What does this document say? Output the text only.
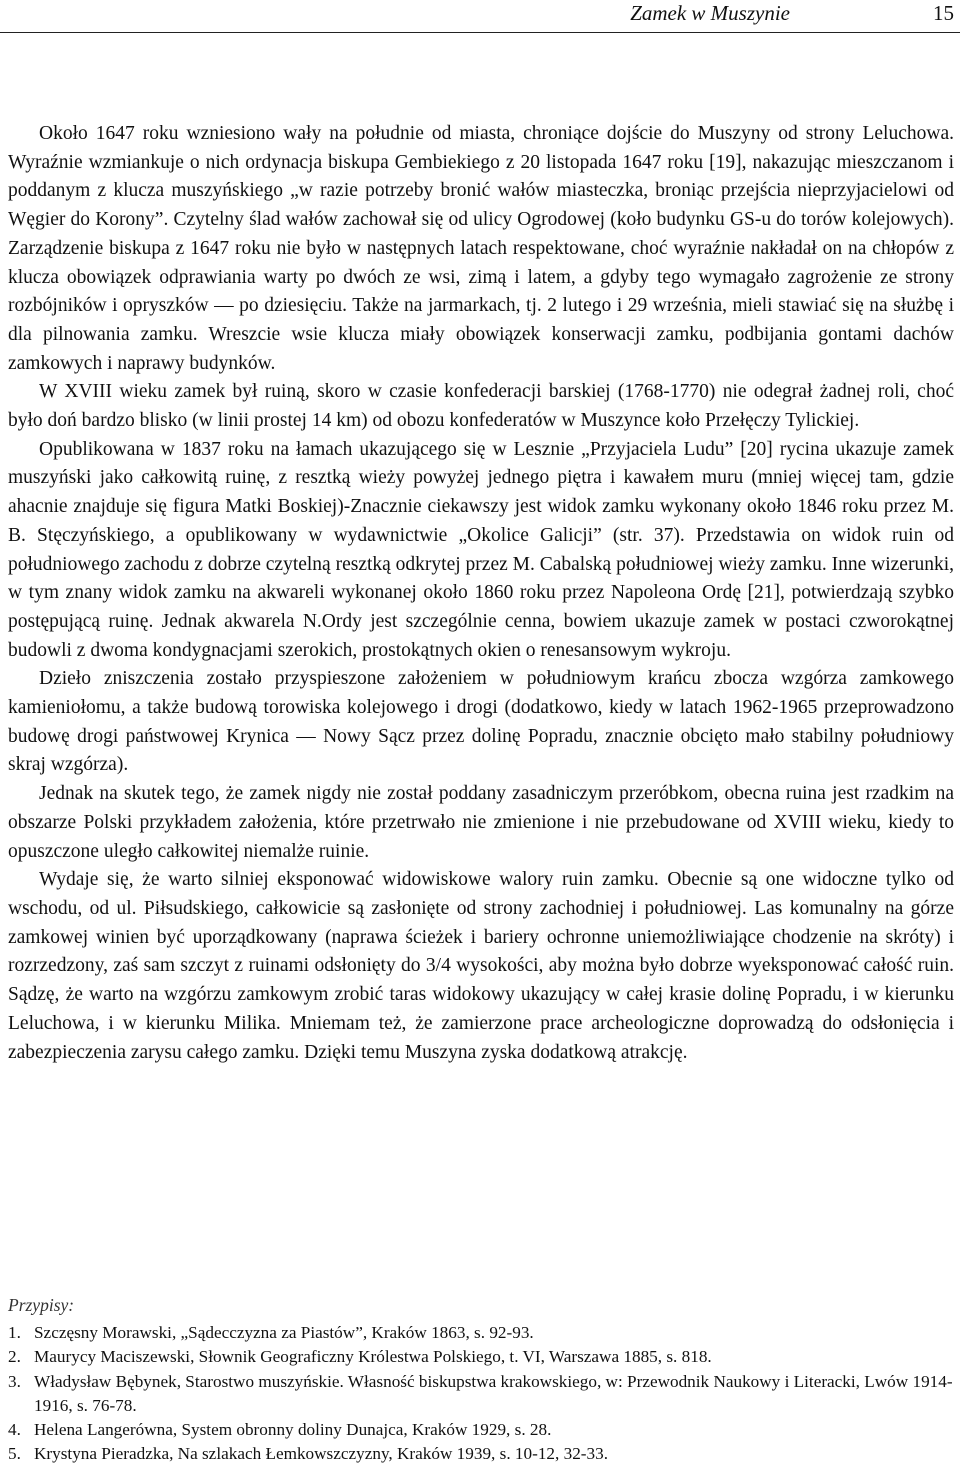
Zamek w Muszynie	15

Około 1647 roku wzniesiono wały na południe od miasta, chroniące dojście do Muszyny od strony Leluchowa. Wyraźnie wzmiankuje o nich ordynacja biskupa Gembiekiego z 20 listopada 1647 roku [19], nakazując mieszczanom i poddanym z klucza muszyńskiego „w razie potrzeby bronić wałów miasteczka, broniąc przejścia nieprzyjacielowi od Węgier do Korony”. Czytelny ślad wałów zachował się od ulicy Ogrodowej (koło budynku GS-u do torów kolejowych). Zarządzenie biskupa z 1647 roku nie było w następnych latach respektowane, choć wyraźnie nakładał on na chłopów z klucza obowiązek odprawiania warty po dwóch ze wsi, zimą i latem, a gdyby tego wymagało zagrożenie ze strony rozbójników i opryszków — po dziesięciu. Także na jarmarkach, tj. 2 lutego i 29 września, mieli stawiać się na służbę i dla pilnowania zamku. Wreszcie wsie klucza miały obowiązek konserwacji zamku, podbijania gontami dachów zamkowych i naprawy budynków.

W XVIII wieku zamek był ruiną, skoro w czasie konfederacji barskiej (1768-1770) nie odegrał żadnej roli, choć było doń bardzo blisko (w linii prostej 14 km) od obozu konfederatów w Muszynce koło Przełęczy Tylickiej.

Opublikowana w 1837 roku na łamach ukazującego się w Lesznie „Przyjaciela Ludu” [20] rycina ukazuje zamek muszyński jako całkowitą ruinę, z resztką wieży powyżej jednego piętra i kawałem muru (mniej więcej tam, gdzie ahacnie znajduje się figura Matki Boskiej)-Znacznie ciekawszy jest widok zamku wykonany około 1846 roku przez M. B. Stęczyńskiego, a opublikowany w wydawnictwie „Okolice Galicji” (str. 37). Przedstawia on widok ruin od południowego zachodu z dobrze czytelną resztką odkrytej przez M. Cabalską południowej wieży zamku. Inne wizerunki, w tym znany widok zamku na akwareli wykonanej około 1860 roku przez Napoleona Ordę [21], potwierdzają szybko postępującą ruinę. Jednak akwarela N.Ordy jest szczególnie cenna, bowiem ukazuje zamek w postaci czworokątnej budowli z dwoma kondygnacjami szerokich, prostokątnych okien o renesansowym wykroju.

Dzieło zniszczenia zostało przyspieszone założeniem w południowym krańcu zbocza wzgórza zamkowego kamieniołomu, a także budową torowiska kolejowego i drogi (dodatkowo, kiedy w latach 1962-1965 przeprowadzono budowę drogi państwowej Krynica — Nowy Sącz przez dolinę Popradu, znacznie obcięto mało stabilny południowy skraj wzgórza).

Jednak na skutek tego, że zamek nigdy nie został poddany zasadniczym przeróbkom, obecna ruina jest rzadkim na obszarze Polski przykładem założenia, które przetrwało nie zmienione i nie przebudowane od XVIII wieku, kiedy to opuszczone uległo całkowitej niemalże ruinie.

Wydaje się, że warto silniej eksponować widowiskowe walory ruin zamku. Obecnie są one widoczne tylko od wschodu, od ul. Piłsudskiego, całkowicie są zasłonięte od strony zachodniej i południowej. Las komunalny na górze zamkowej winien być uporządkowany (naprawa ścieżek i bariery ochronne uniemożliwiające chodzenie na skróty) i rozrzedzony, zaś sam szczyt z ruinami odsłonięty do 3/4 wysokości, aby można było dobrze wyeksponować całość ruin. Sądzę, że warto na wzgórzu zamkowym zrobić taras widokowy ukazujący w całej krasie dolinę Popradu, i w kierunku Leluchowa, i w kierunku Milika. Mniemam też, że zamierzone prace archeologiczne doprowadzą do odsłonięcia i zabezpieczenia zarysu całego zamku. Dzięki temu Muszyna zyska dodatkową atrakcję.

Przypisy:
1. Szczęsny Morawski, „Sądecczyzna za Piastów”, Kraków 1863, s. 92-93.
2. Maurycy Maciszewski, Słownik Geograficzny Królestwa Polskiego, t. VI, Warszawa 1885, s. 818.
3. Władysław Bębynek, Starostwo muszyńskie. Własność biskupstwa krakowskiego, w: Przewodnik Naukowy i Literacki, Lwów 1914-1916, s. 76-78.
4. Helena Langerówna, System obronny doliny Dunajca, Kraków 1929, s. 28.
5. Krystyna Pieradzka, Na szlakach Łemkowszczyzny, Kraków 1939, s. 10-12, 32-33.
